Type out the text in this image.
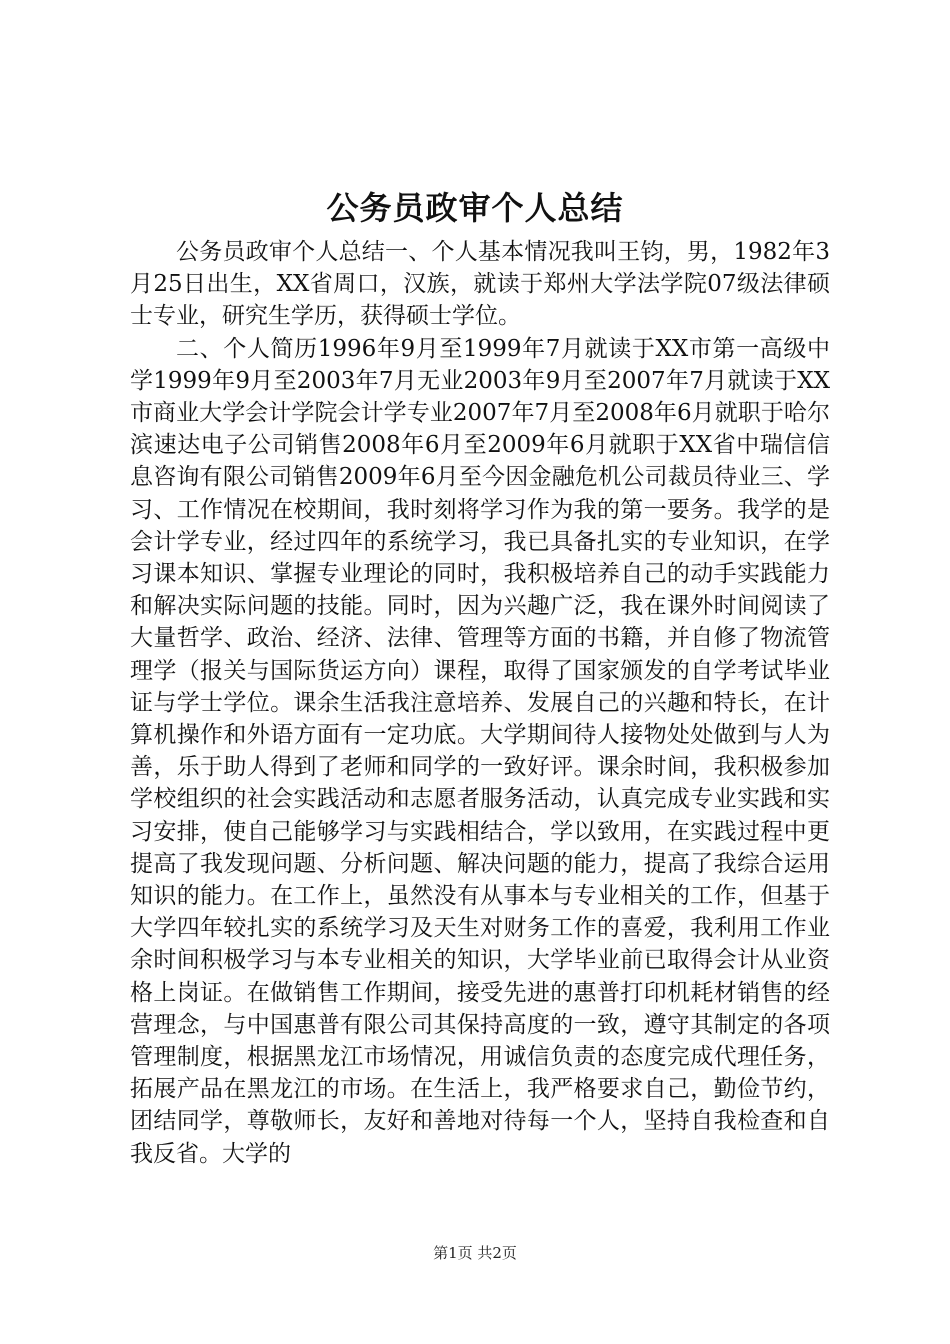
公务员政审个人总结

公务员政审个人总结一、个人基本情况我叫王钧，男，1982年3月25日出生，XX省周口，汉族，就读于郑州大学法学院07级法律硕士专业，研究生学历，获得硕士学位。

二、个人简历1996年9月至1999年7月就读于XX市第一高级中学1999年9月至2003年7月无业2003年9月至2007年7月就读于XX市商业大学会计学院会计学专业2007年7月至2008年6月就职于哈尔滨速达电子公司销售2008年6月至2009年6月就职于XX省中瑞信信息咨询有限公司销售2009年6月至今因金融危机公司裁员待业三、学习、工作情况在校期间，我时刻将学习作为我的第一要务。我学的是会计学专业，经过四年的系统学习，我已具备扎实的专业知识，在学习课本知识、掌握专业理论的同时，我积极培养自己的动手实践能力和解决实际问题的技能。同时，因为兴趣广泛，我在课外时间阅读了大量哲学、政治、经济、法律、管理等方面的书籍，并自修了物流管理学（报关与国际货运方向）课程，取得了国家颁发的自学考试毕业证与学士学位。课余生活我注意培养、发展自己的兴趣和特长，在计算机操作和外语方面有一定功底。大学期间待人接物处处做到与人为善，乐于助人得到了老师和同学的一致好评。课余时间，我积极参加学校组织的社会实践活动和志愿者服务活动，认真完成专业实践和实习安排，使自己能够学习与实践相结合，学以致用，在实践过程中更提高了我发现问题、分析问题、解决问题的能力，提高了我综合运用知识的能力。在工作上，虽然没有从事本与专业相关的工作，但基于大学四年较扎实的系统学习及天生对财务工作的喜爱，我利用工作业余时间积极学习与本专业相关的知识，大学毕业前已取得会计从业资格上岗证。在做销售工作期间，接受先进的惠普打印机耗材销售的经营理念，与中国惠普有限公司其保持高度的一致，遵守其制定的各项管理制度，根据黑龙江市场情况，用诚信负责的态度完成代理任务，拓展产品在黑龙江的市场。在生活上，我严格要求自己，勤俭节约，团结同学，尊敬师长，友好和善地对待每一个人，坚持自我检查和自我反省。大学的

第1页 共2页
